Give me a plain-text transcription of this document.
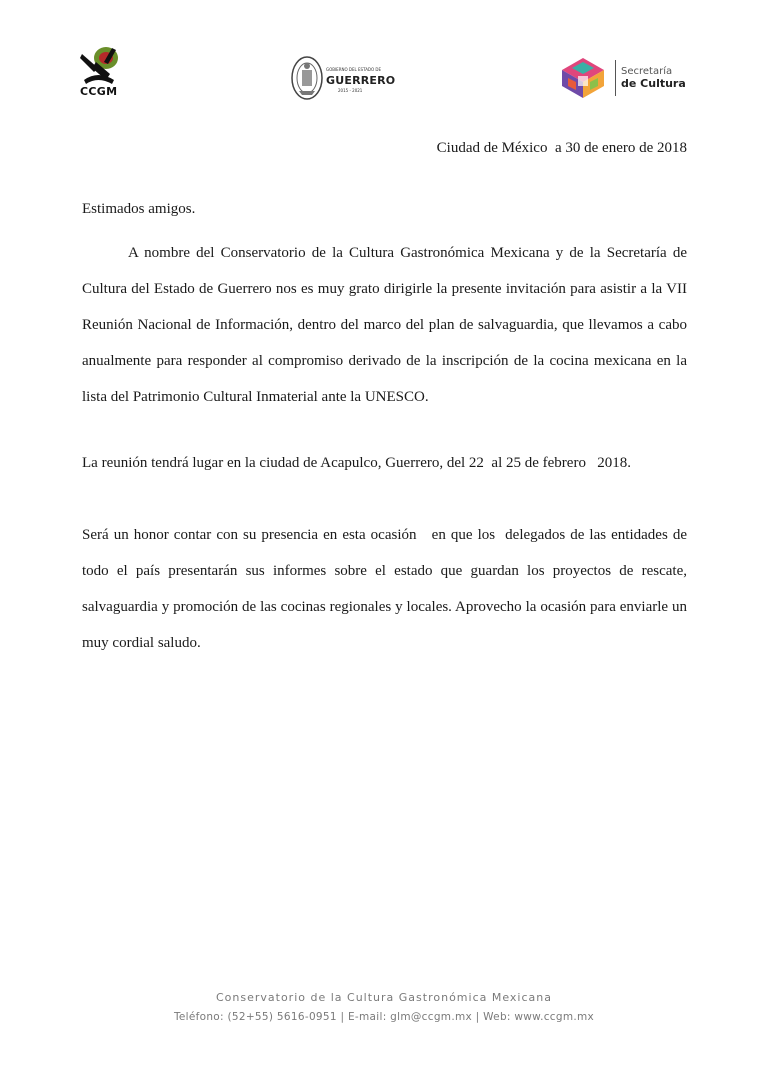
CCGM
GOBIERNO DEL ESTADO DE
GUERRERO
2015 - 2021
Secretaría
de Cultura
Ciudad de México  a 30 de enero de 2018

Estimados amigos.

A nombre del Conservatorio de la Cultura Gastronómica Mexicana y de la Secretaría de Cultura del Estado de Guerrero nos es muy grato dirigirle la presente invitación para asistir a la VII Reunión Nacional de Información, dentro del marco del plan de salvaguardia, que llevamos a cabo anualmente para responder al compromiso derivado de la inscripción de la cocina mexicana en la lista del Patrimonio Cultural Inmaterial ante la UNESCO.

La reunión tendrá lugar en la ciudad de Acapulco, Guerrero, del 22  al 25 de febrero   2018.

Será un honor contar con su presencia en esta ocasión   en que los  delegados de las entidades de  todo el país presentarán sus informes sobre el estado que guardan los proyectos de rescate, salvaguardia y promoción de las cocinas regionales y locales. Aprovecho la ocasión para enviarle un muy cordial saludo.

Conservatorio de la Cultura Gastronómica Mexicana
Teléfono: (52+55) 5616-0951 | E-mail: glm@ccgm.mx | Web: www.ccgm.mx
